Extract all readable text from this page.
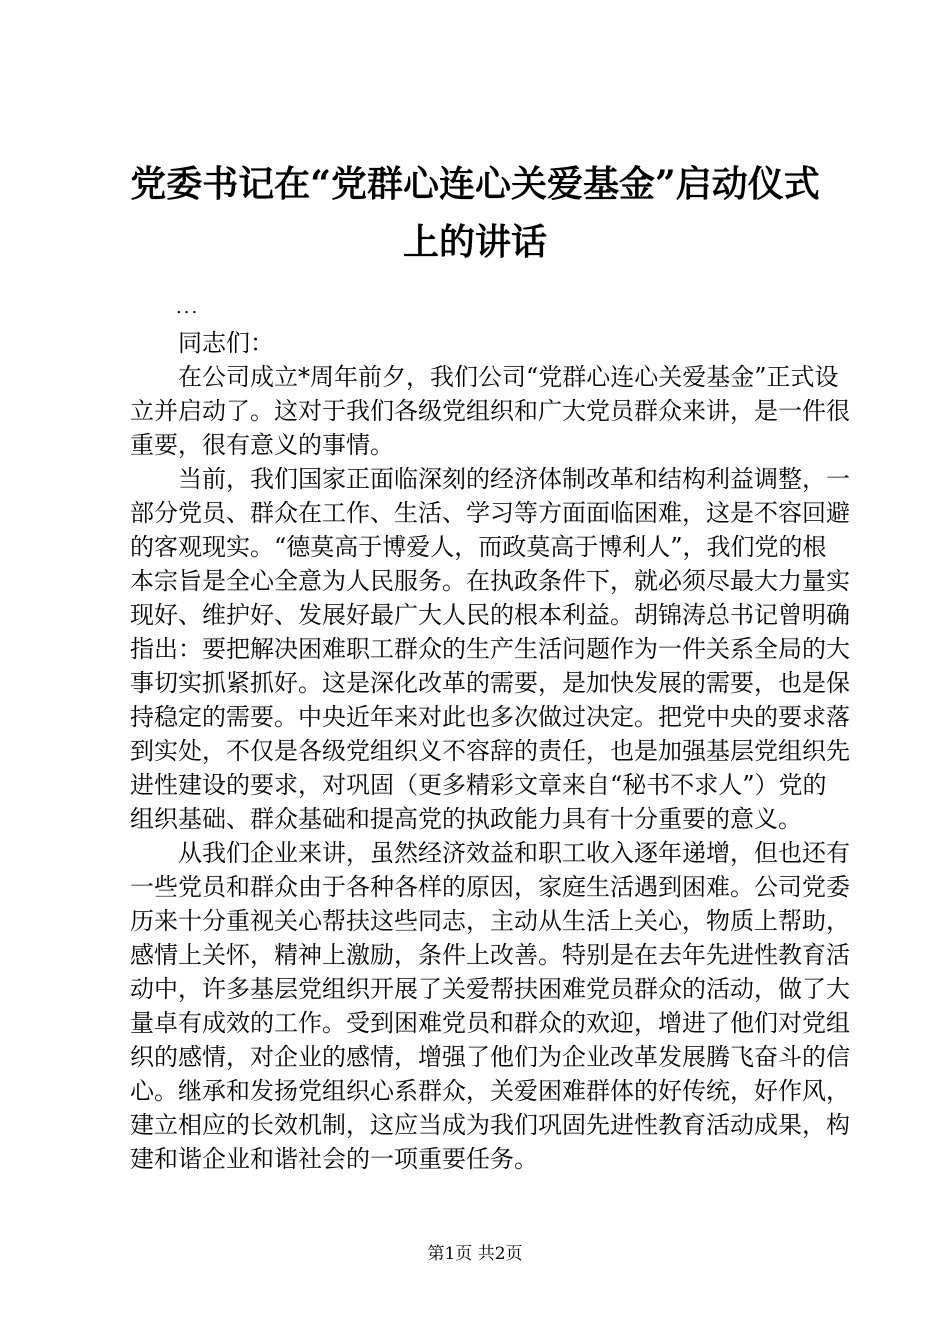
党委书记在“党群心连心关爱基金”启动仪式
上的讲话
...

同志们：

在公司成立*周年前夕，我们公司“党群心连心关爱基金”正式设立并启动了。这对于我们各级党组织和广大党员群众来讲，是一件很重要，很有意义的事情。

当前，我们国家正面临深刻的经济体制改革和结构利益调整，一部分党员、群众在工作、生活、学习等方面面临困难，这是不容回避的客观现实。“德莫高于博爱人，而政莫高于博利人”，我们党的根本宗旨是全心全意为人民服务。在执政条件下，就必须尽最大力量实现好、维护好、发展好最广大人民的根本利益。胡锦涛总书记曾明确指出：要把解决困难职工群众的生产生活问题作为一件关系全局的大事切实抓紧抓好。这是深化改革的需要，是加快发展的需要，也是保持稳定的需要。中央近年来对此也多次做过决定。把党中央的要求落到实处，不仅是各级党组织义不容辞的责任，也是加强基层党组织先进性建设的要求，对巩固（更多精彩文章来自“秘书不求人”）党的组织基础、群众基础和提高党的执政能力具有十分重要的意义。

从我们企业来讲，虽然经济效益和职工收入逐年递增，但也还有一些党员和群众由于各种各样的原因，家庭生活遇到困难。公司党委历来十分重视关心帮扶这些同志，主动从生活上关心，物质上帮助，感情上关怀，精神上激励，条件上改善。特别是在去年先进性教育活动中，许多基层党组织开展了关爱帮扶困难党员群众的活动，做了大量卓有成效的工作。受到困难党员和群众的欢迎，增进了他们对党组织的感情，对企业的感情，增强了他们为企业改革发展腾飞奋斗的信心。继承和发扬党组织心系群众，关爱困难群体的好传统，好作风，建立相应的长效机制，这应当成为我们巩固先进性教育活动成果，构建和谐企业和谐社会的一项重要任务。

第1页 共2页
